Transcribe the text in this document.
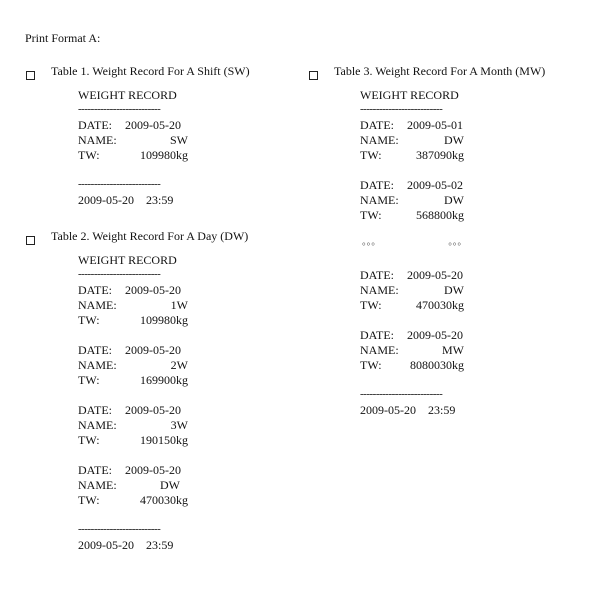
Print Format A:
Table 1. Weight Record For A Shift (SW)
WEIGHT RECORD
--------------------------
DATE: 2009-05-20
NAME:	SW
TW:	109980kg
--------------------------
2009-05-20    23:59
Table 2. Weight Record For A Day (DW)
WEIGHT RECORD
--------------------------
DATE: 2009-05-20
NAME:	1W
TW:	109980kg
DATE: 2009-05-20
NAME:	2W
TW:	169900kg
DATE: 2009-05-20
NAME:	3W
TW:	190150kg
DATE: 2009-05-20
NAME:	DW
TW:	470030kg
--------------------------
2009-05-20    23:59
Table 3. Weight Record For A Month (MW)
WEIGHT RECORD
--------------------------
DATE: 2009-05-01
NAME:	DW
TW:	387090kg
DATE: 2009-05-02
NAME:	DW
TW:	568800kg
°°°	°°°
DATE: 2009-05-20
NAME:	DW
TW:	470030kg
DATE: 2009-05-20
NAME:	MW
TW: 8080030kg
--------------------------
2009-05-20    23:59
